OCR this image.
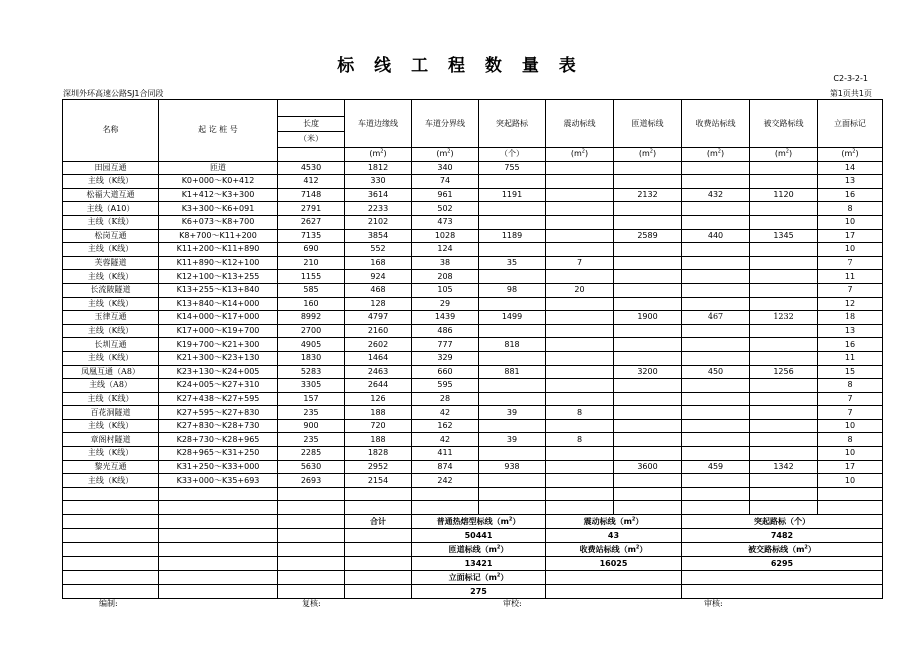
标 线 工 程 数 量 表
C2-3-2-1
深圳外环高速公路SJ1合同段	第1页共1页
名称	起 讫 桩 号		车道边缘线	车道分界线	突起路标	震动标线	匝道标线	收费站标线	被交路标线	立面标记

		长度
（米）								

			$(m^2)$	$(m^2)$	（个）	$(m^2)$	$(m^2)$	$(m^2)$	$(m^2)$	$(m^2)$
田园互通	匝道	4530	1812	340	755					14
主线（K线）	K0+000～K0+412	412	330	74						13
松福大道互通	K1+412～K3+300	7148	3614	961	1191		2132	432	1120	16
主线（A10）	K3+300～K6+091	2791	2233	502						8
主线（K线）	K6+073～K8+700	2627	2102	473						10
松岗互通	K8+700～K11+200	7135	3854	1028	1189		2589	440	1345	17
主线（K线）	K11+200～K11+890	690	552	124						10
芙蓉隧道	K11+890～K12+100	210	168	38	35	7				7
主线（K线）	K12+100～K13+255	1155	924	208						11
长流陂隧道	K13+255～K13+840	585	468	105	98	20				7
主线（K线）	K13+840～K14+000	160	128	29						12
玉律互通	K14+000～K17+000	8992	4797	1439	1499		1900	467	1232	18
主线（K线）	K17+000～K19+700	2700	2160	486						13
长圳互通	K19+700～K21+300	4905	2602	777	818					16
主线（K线）	K21+300～K23+130	1830	1464	329						11
凤凰互通（A8）	K23+130～K24+005	5283	2463	660	881		3200	450	1256	15
主线（A8）	K24+005～K27+310	3305	2644	595						8
主线（K线）	K27+438～K27+595	157	126	28						7
百花洞隧道	K27+595～K27+830	235	188	42	39	8				7
主线（K线）	K27+830～K28+730	900	720	162						10
章阁村隧道	K28+730～K28+965	235	188	42	39	8				8
主线（K线）	K28+965～K31+250	2285	1828	411						10
黎光互通	K31+250～K33+000	5630	2952	874	938		3600	459	1342	17
主线（K线）	K33+000～K35+693	2693	2154	242						10

			合计	普通热熔型标线$(m^2)$		震动标线$(m^2)$		突起路标（个）		
				50441		43		7482		
				匝道标线$(m^2)$		收费站标线$(m^2)$		被交路标线$(m^2)$		
				13421		16025		6295		
				立面标记$(m^2)$						
				275						
编制:	复核:	审校:	审核:
